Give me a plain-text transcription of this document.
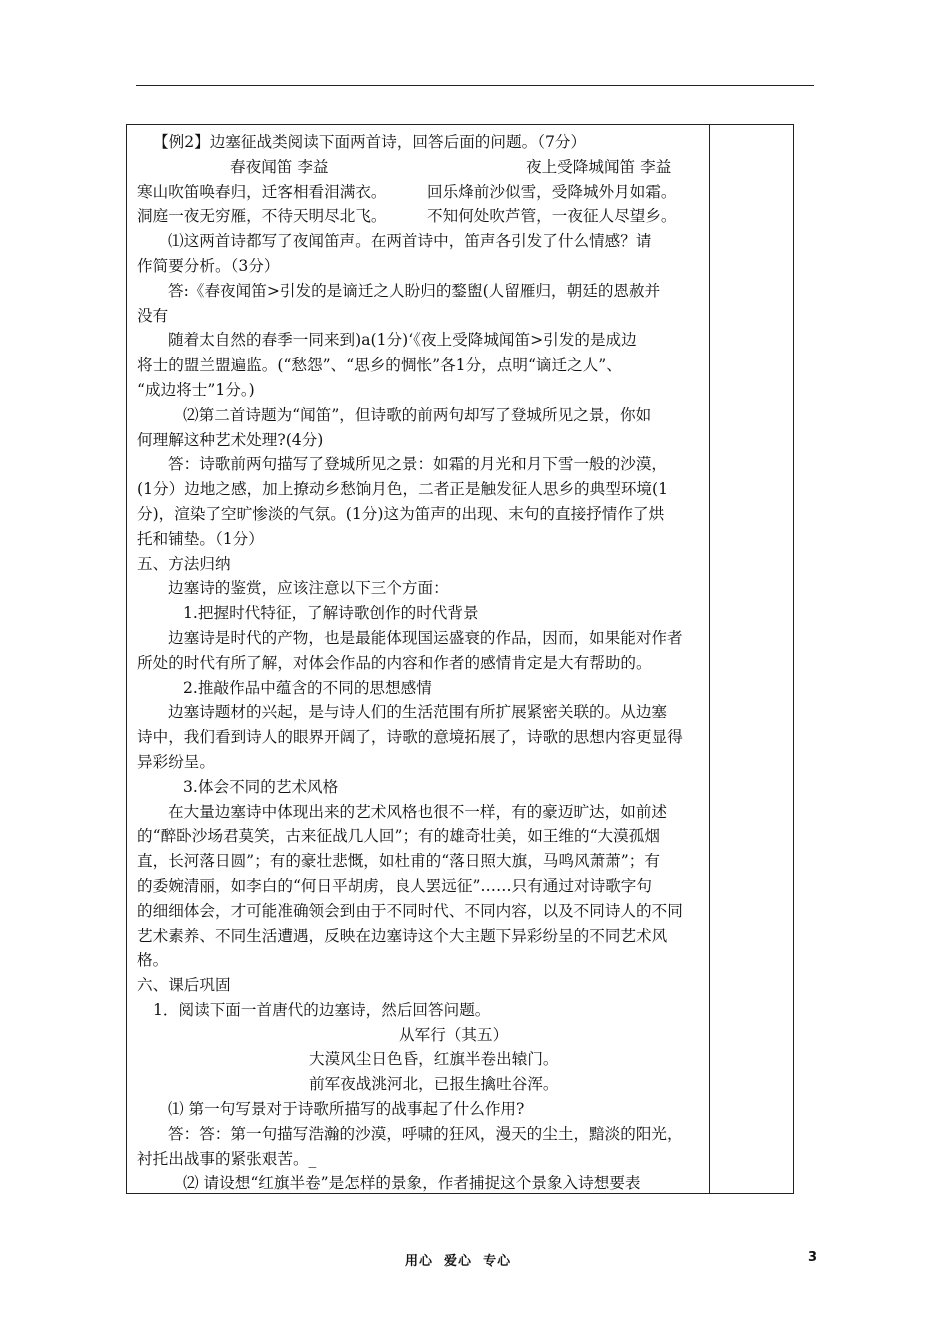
【例2】边塞征战类阅读下面两首诗，回答后面的问题。（7分）
春夜闻笛 李益	夜上受降城闻笛 李益
寒山吹笛唤春归，迁客相看泪满衣。	回乐烽前沙似雪，受降城外月如霜。
洞庭一夜无穷雁，不待天明尽北飞。	不知何处吹芦管，一夜征人尽望乡。
⑴这两首诗都写了夜闻笛声。在两首诗中，笛声各引发了什么情感？请
作简要分析。（3分）
答:《春夜闻笛>引发的是谪迁之人盼归的鍪盥(人留雁归，朝廷的恩赦并
没有
随着太自然的春季一同来到)a(1分)‘《夜上受降城闻笛>引发的是成边
将士的盟兰盟遍监。(“愁怨”、“思乡的惆怅”各1分，点明“谪迁之人”、
“成边将士”1分。)
⑵第二首诗题为“闻笛”，但诗歌的前两句却写了登城所见之景，你如
何理解这种艺术处理?(4分)
答：诗歌前两句描写了登城所见之景：如霜的月光和月下雪一般的沙漠，
(1分）边地之感，加上撩动乡愁饷月色，二者正是触发征人思乡的典型环境(1
分)，渲染了空旷惨淡的气氛。(1分)这为笛声的出现、末句的直接抒情作了烘
托和铺垫。（1分）
五、方法归纳
边塞诗的鉴赏，应该注意以下三个方面：
1.把握时代特征，了解诗歌创作的时代背景
边塞诗是时代的产物，也是最能体现国运盛衰的作品，因而，如果能对作者
所处的时代有所了解，对体会作品的内容和作者的感情肯定是大有帮助的。
2.推敲作品中蕴含的不同的思想感情
边塞诗题材的兴起，是与诗人们的生活范围有所扩展紧密关联的。从边塞
诗中，我们看到诗人的眼界开阔了，诗歌的意境拓展了，诗歌的思想内容更显得
异彩纷呈。
3.体会不同的艺术风格
在大量边塞诗中体现出来的艺术风格也很不一样，有的豪迈旷达，如前述
的“醉卧沙场君莫笑，古来征战几人回”；有的雄奇壮美，如王维的“大漠孤烟
直，长河落日圆”；有的豪壮悲慨，如杜甫的“落日照大旗，马鸣风萧萧”；有
的委婉清丽，如李白的“何日平胡虏，良人罢远征”……只有通过对诗歌字句
的细细体会，才可能准确领会到由于不同时代、不同内容，以及不同诗人的不同
艺术素养、不同生活遭遇，反映在边塞诗这个大主题下异彩纷呈的不同艺术风
格。
六、课后巩固
1．阅读下面一首唐代的边塞诗，然后回答问题。
从军行（其五）
大漠风尘日色昏，红旗半卷出辕门。
前军夜战洮河北，已报生擒吐谷浑。
⑴ 第一句写景对于诗歌所描写的战事起了什么作用?
答：答：第一句描写浩瀚的沙漠，呼啸的狂风，漫天的尘土，黯淡的阳光，
衬托出战事的紧张艰苦。_
⑵ 请设想“红旗半卷”是怎样的景象，作者捕捉这个景象入诗想要表
用心  爱心  专心	3
